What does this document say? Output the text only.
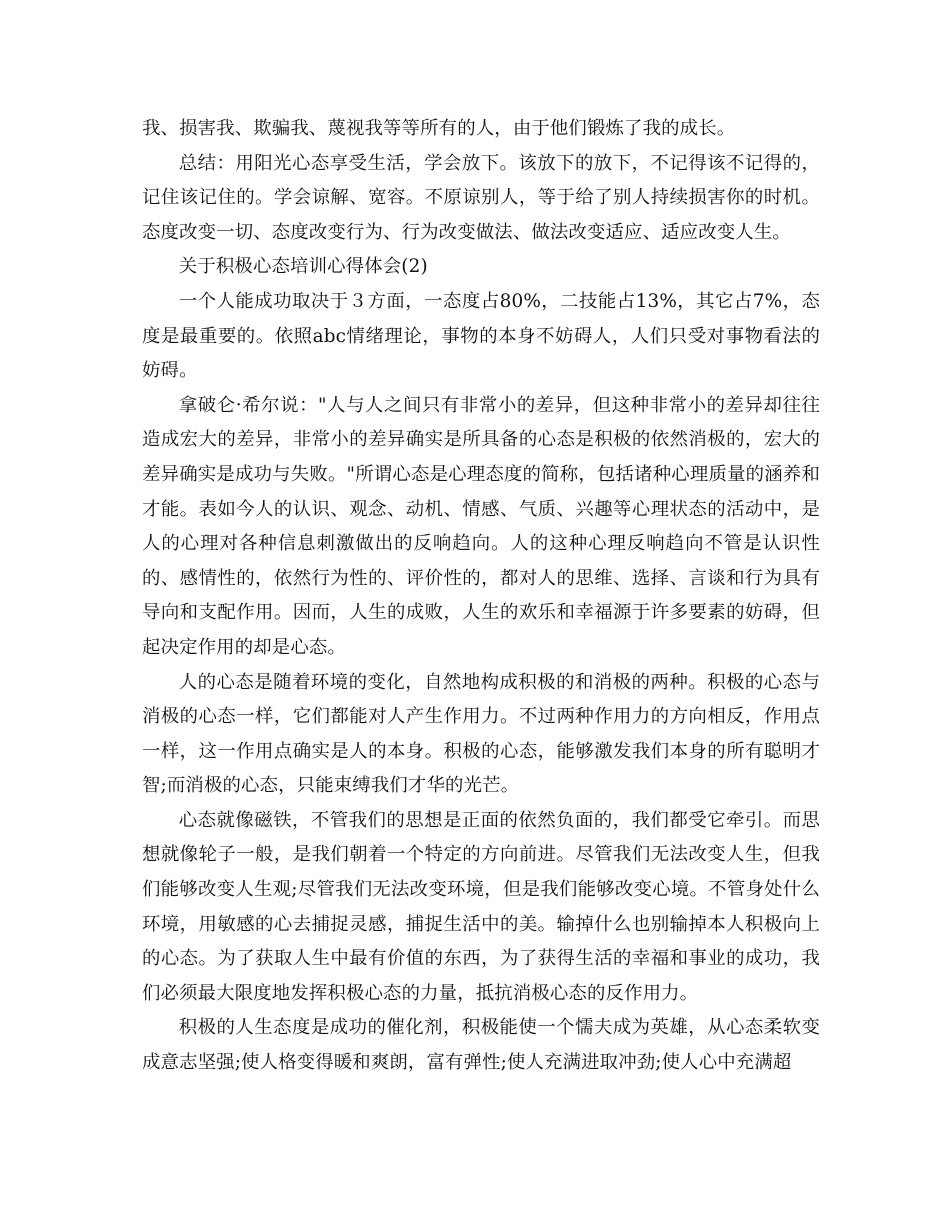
我、损害我、欺骗我、蔑视我等等所有的人，由于他们锻炼了我的成长。

总结：用阳光心态享受生活，学会放下。该放下的放下，不记得该不记得的，记住该记住的。学会谅解、宽容。不原谅别人，等于给了别人持续损害你的时机。态度改变一切、态度改变行为、行为改变做法、做法改变适应、适应改变人生。

关于积极心态培训心得体会(2)

一个人能成功取决于３方面，一态度占80%，二技能占13%，其它占7%，态度是最重要的。依照abc情绪理论，事物的本身不妨碍人，人们只受对事物看法的妨碍。

拿破仑·希尔说："人与人之间只有非常小的差异，但这种非常小的差异却往往造成宏大的差异，非常小的差异确实是所具备的心态是积极的依然消极的，宏大的差异确实是成功与失败。"所谓心态是心理态度的简称，包括诸种心理质量的涵养和才能。表如今人的认识、观念、动机、情感、气质、兴趣等心理状态的活动中，是人的心理对各种信息刺激做出的反响趋向。人的这种心理反响趋向不管是认识性的、感情性的，依然行为性的、评价性的，都对人的思维、选择、言谈和行为具有导向和支配作用。因而，人生的成败，人生的欢乐和幸福源于许多要素的妨碍，但起决定作用的却是心态。

人的心态是随着环境的变化，自然地构成积极的和消极的两种。积极的心态与消极的心态一样，它们都能对人产生作用力。不过两种作用力的方向相反，作用点一样，这一作用点确实是人的本身。积极的心态，能够激发我们本身的所有聪明才智;而消极的心态，只能束缚我们才华的光芒。

心态就像磁铁，不管我们的思想是正面的依然负面的，我们都受它牵引。而思想就像轮子一般，是我们朝着一个特定的方向前进。尽管我们无法改变人生，但我们能够改变人生观;尽管我们无法改变环境，但是我们能够改变心境。不管身处什么环境，用敏感的心去捕捉灵感，捕捉生活中的美。输掉什么也别输掉本人积极向上的心态。为了获取人生中最有价值的东西，为了获得生活的幸福和事业的成功，我们必须最大限度地发挥积极心态的力量，抵抗消极心态的反作用力。

积极的人生态度是成功的催化剂，积极能使一个懦夫成为英雄，从心态柔软变成意志坚强;使人格变得暖和爽朗，富有弹性;使人充满进取冲劲;使人心中充满超
